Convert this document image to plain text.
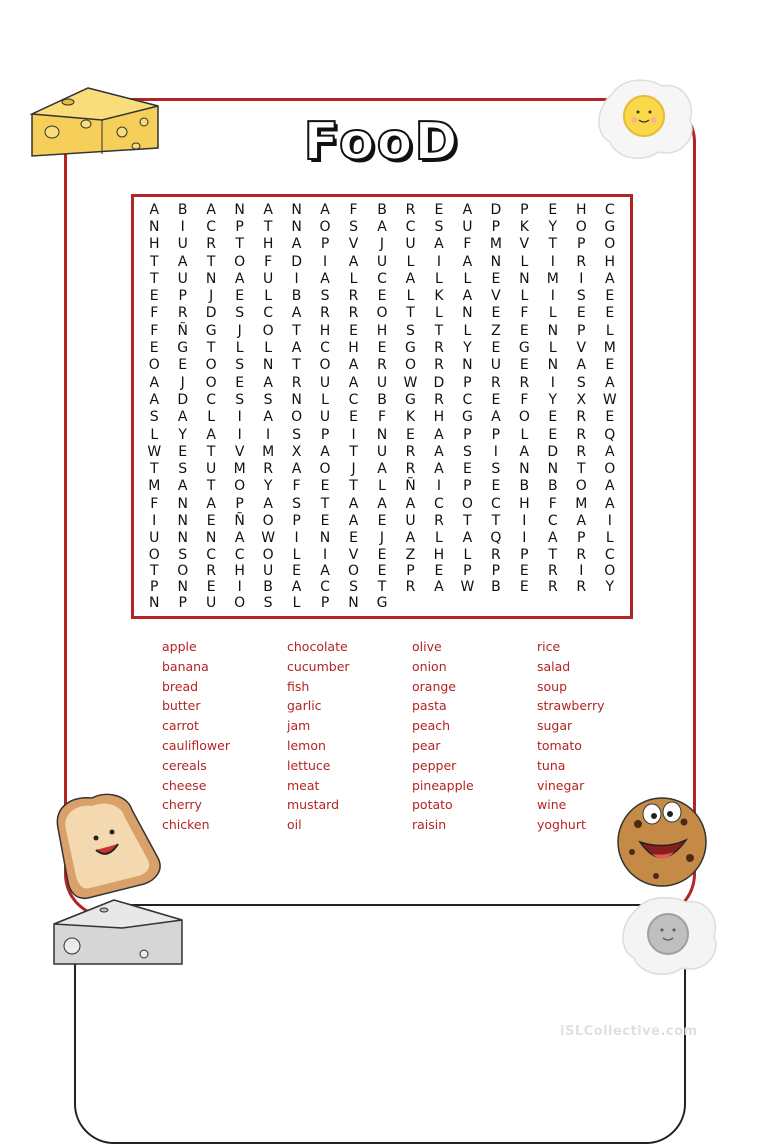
FooD
A	B	A	N	A	N	A	F	B	R	E	A	D	P	E	H	C
N	I	C	P	T	N	O	S	A	C	S	U	P	K	Y	O	G
H	U	R	T	H	A	P	V	J	U	A	F	M	V	T	P	O
T	A	T	O	F	D	I	A	U	L	I	A	N	L	I	R	H
T	U	N	A	U	I	A	L	C	A	L	L	E	N	M	I	A
E	P	J	E	L	B	S	R	E	L	K	A	V	L	I	S	E
F	R	D	S	C	A	R	R	O	T	L	N	E	F	L	E	E
F	Ñ	G	J	O	T	H	E	H	S	T	L	Z	E	N	P	L
E	G	T	L	L	A	C	H	E	G	R	Y	E	G	L	V	M
O	E	O	S	N	T	O	A	R	O	R	N	U	E	N	A	E
A	J	O	E	A	R	U	A	U	W	D	P	R	R	I	S	A
A	D	C	S	S	N	L	C	B	G	R	C	E	F	Y	X	W
S	A	L	I	A	O	U	E	F	K	H	G	A	O	E	R	E
L	Y	A	I	I	S	P	I	N	E	A	P	P	L	E	R	Q
W	E	T	V	M	X	A	T	U	R	A	S	I	A	D	R	A
T	S	U	M	R	A	O	J	A	R	A	E	S	N	N	T	O
M	A	T	O	Y	F	E	T	L	Ñ	I	P	E	B	B	O	A
F	N	A	P	A	S	T	A	A	A	C	O	C	H	F	M	A
I	N	E	Ñ	O	P	E	A	E	U	R	T	T	I	C	A	I
U	N	N	A	W	I	N	E	J	A	L	A	Q	I	A	P	L
O	S	C	C	O	L	I	V	E	Z	H	L	R	P	T	R	C
T	O	R	H	U	E	A	O	E	P	E	P	P	E	R	I	O
P	N	E	I	B	A	C	S	T	R	A	W	B	E	R	R	Y
N	P	U	O	S	L	P	N	G
apple
banana
bread
butter
carrot
cauliflower
cereals
cheese
cherry
chicken
chocolate
cucumber
fish
garlic
jam
lemon
lettuce
meat
mustard
oil
olive
onion
orange
pasta
peach
pear
pepper
pineapple
potato
raisin
rice
salad
soup
strawberry
sugar
tomato
tuna
vinegar
wine
yoghurt
iSLCollective.com
